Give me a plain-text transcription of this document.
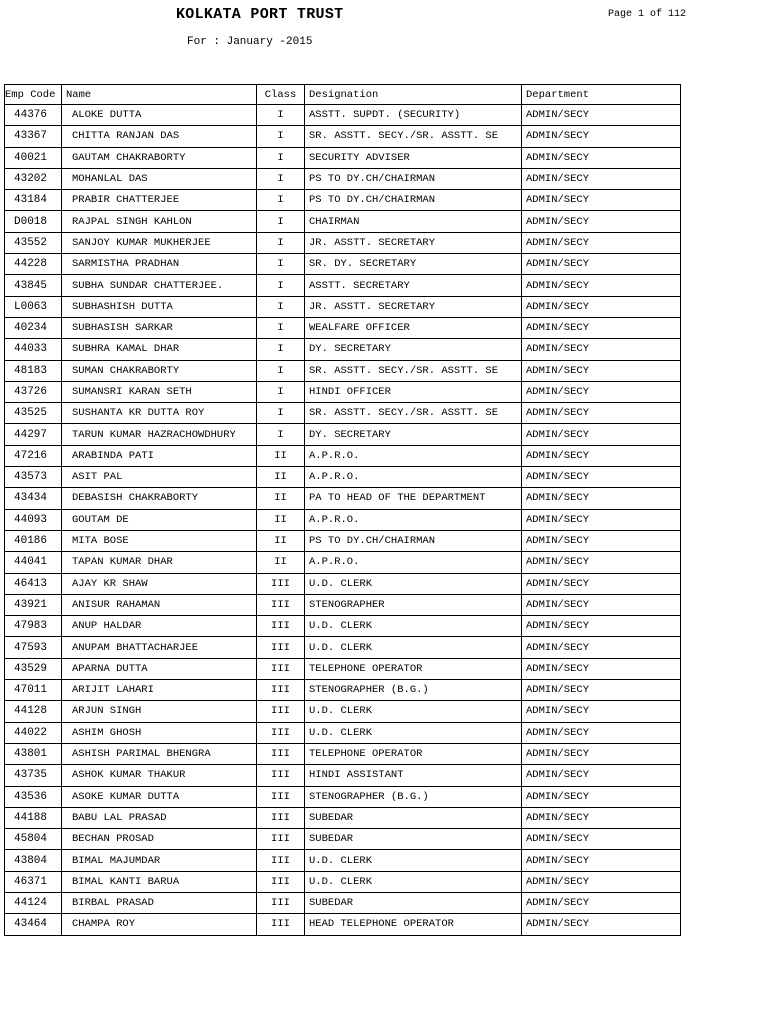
KOLKATA PORT TRUST
For : January -2015
Page 1 of 112
Emp Code	Name	Class	Designation	Department
44376	ALOKE DUTTA	I	ASSTT. SUPDT. (SECURITY)	ADMIN/SECY
43367	CHITTA RANJAN DAS	I	SR. ASSTT. SECY./SR. ASSTT. SE	ADMIN/SECY
40021	GAUTAM CHAKRABORTY	I	SECURITY ADVISER	ADMIN/SECY
43202	MOHANLAL DAS	I	PS TO DY.CH/CHAIRMAN	ADMIN/SECY
43184	PRABIR CHATTERJEE	I	PS TO DY.CH/CHAIRMAN	ADMIN/SECY
D0018	RAJPAL SINGH KAHLON	I	CHAIRMAN	ADMIN/SECY
43552	SANJOY KUMAR MUKHERJEE	I	JR. ASSTT. SECRETARY	ADMIN/SECY
44228	SARMISTHA PRADHAN	I	SR. DY. SECRETARY	ADMIN/SECY
43845	SUBHA SUNDAR CHATTERJEE.	I	ASSTT. SECRETARY	ADMIN/SECY
L0063	SUBHASHISH DUTTA	I	JR. ASSTT. SECRETARY	ADMIN/SECY
40234	SUBHASISH SARKAR	I	WEALFARE OFFICER	ADMIN/SECY
44033	SUBHRA KAMAL DHAR	I	DY. SECRETARY	ADMIN/SECY
48183	SUMAN CHAKRABORTY	I	SR. ASSTT. SECY./SR. ASSTT. SE	ADMIN/SECY
43726	SUMANSRI KARAN SETH	I	HINDI OFFICER	ADMIN/SECY
43525	SUSHANTA KR DUTTA ROY	I	SR. ASSTT. SECY./SR. ASSTT. SE	ADMIN/SECY
44297	TARUN KUMAR HAZRACHOWDHURY	I	DY. SECRETARY	ADMIN/SECY
47216	ARABINDA PATI	II	A.P.R.O.	ADMIN/SECY
43573	ASIT PAL	II	A.P.R.O.	ADMIN/SECY
43434	DEBASISH CHAKRABORTY	II	PA TO HEAD OF THE DEPARTMENT	ADMIN/SECY
44093	GOUTAM DE	II	A.P.R.O.	ADMIN/SECY
40186	MITA BOSE	II	PS TO DY.CH/CHAIRMAN	ADMIN/SECY
44041	TAPAN KUMAR DHAR	II	A.P.R.O.	ADMIN/SECY
46413	AJAY KR SHAW	III	U.D. CLERK	ADMIN/SECY
43921	ANISUR RAHAMAN	III	STENOGRAPHER	ADMIN/SECY
47983	ANUP HALDAR	III	U.D. CLERK	ADMIN/SECY
47593	ANUPAM BHATTACHARJEE	III	U.D. CLERK	ADMIN/SECY
43529	APARNA DUTTA	III	TELEPHONE OPERATOR	ADMIN/SECY
47011	ARIJIT LAHARI	III	STENOGRAPHER (B.G.)	ADMIN/SECY
44128	ARJUN SINGH	III	U.D. CLERK	ADMIN/SECY
44022	ASHIM GHOSH	III	U.D. CLERK	ADMIN/SECY
43801	ASHISH PARIMAL BHENGRA	III	TELEPHONE OPERATOR	ADMIN/SECY
43735	ASHOK KUMAR THAKUR	III	HINDI ASSISTANT	ADMIN/SECY
43536	ASOKE KUMAR DUTTA	III	STENOGRAPHER (B.G.)	ADMIN/SECY
44188	BABU LAL PRASAD	III	SUBEDAR	ADMIN/SECY
45804	BECHAN PROSAD	III	SUBEDAR	ADMIN/SECY
43804	BIMAL MAJUMDAR	III	U.D. CLERK	ADMIN/SECY
46371	BIMAL KANTI BARUA	III	U.D. CLERK	ADMIN/SECY
44124	BIRBAL PRASAD	III	SUBEDAR	ADMIN/SECY
43464	CHAMPA ROY	III	HEAD TELEPHONE OPERATOR	ADMIN/SECY
